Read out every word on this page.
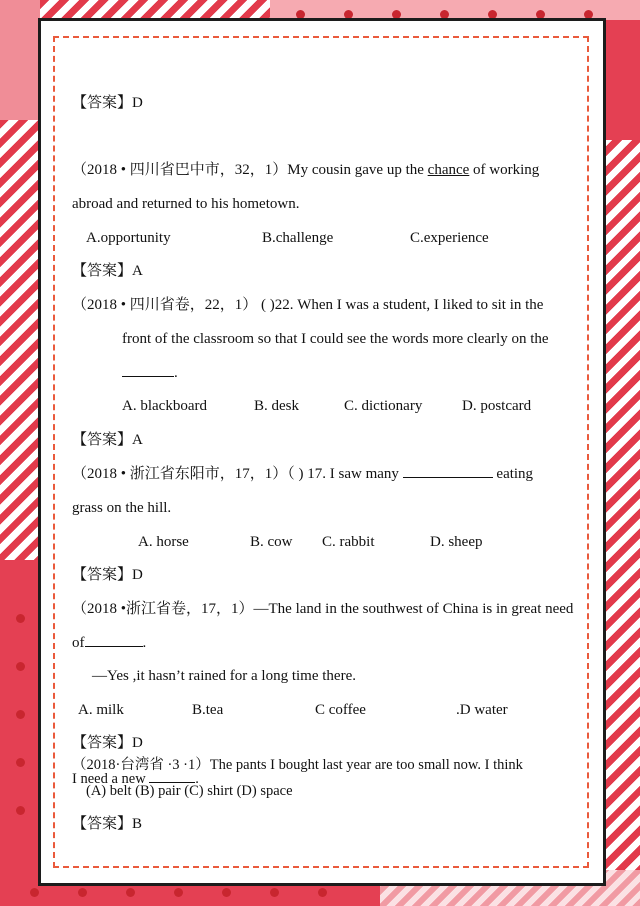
【答案】D
（2018 • 四川省巴中市，32，1）My cousin gave up the chance of working
abroad and returned to his hometown.
A.opportunity	B.challenge	C.experience
【答案】A
（2018 • 四川省卷，22，1） ( )22. When I was a student, I liked to sit in the
front of the classroom so that I could see the words more clearly on the
.
A. blackboard	B. desk	C. dictionary	D. postcard
【答案】A
（2018 • 浙江省东阳市，17，1）（ ) 17. I saw many	eating
grass on the hill.
A. horse	B. cow C. rabbit	D. sheep
【答案】D
（2018 •浙江省卷，17，1）—The land in the southwest of China is in great need
of	.
—Yes ,it hasn’t rained for a long time there.
A. milk	B.tea	C coffee	.D water
【答案】D
（2018·台湾省 ·3 ·1）The pants I bought last year are too small now. I think
I need a new	.
(A) belt (B) pair (C) shirt (D) space
【答案】B
